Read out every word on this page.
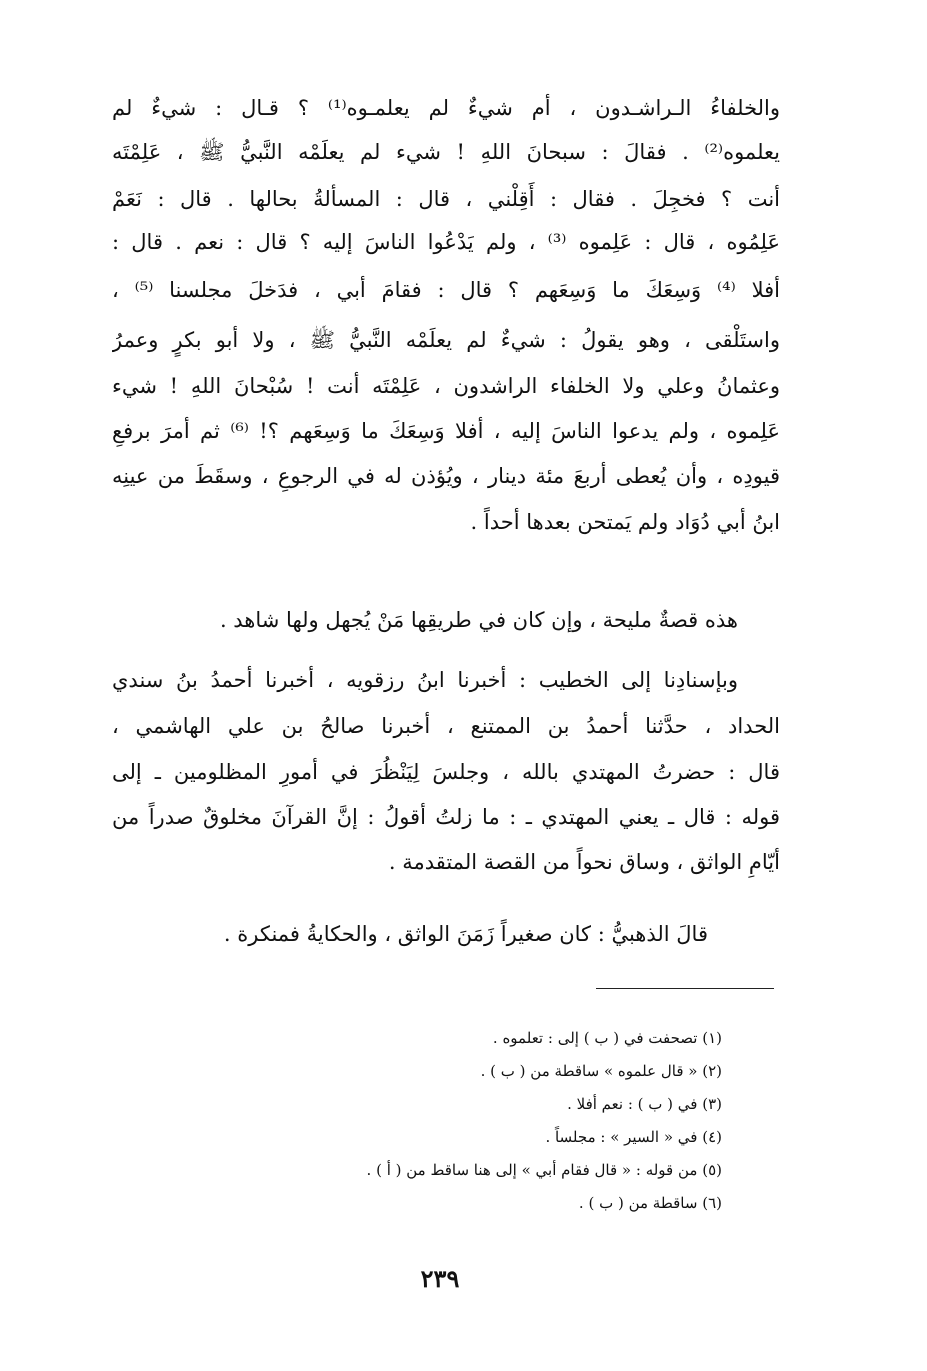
والخلفاءُ الـراشـدون ، أم شيءٌ لم يعلمـوه⁽¹⁾ ؟ قـال : شيءٌ لم
يعلموه⁽²⁾ . فقالَ : سبحانَ اللهِ ! شيء لم يعلَمْه النَّبيُّ ﷺ ، عَلِمْتَه
أنت ؟ فخجِلَ . فقال : أَقِلْني ، قال : المسألةُ بحالها . قال : نَعَمْ
عَلِمُوه ، قال : عَلِموه ⁽³⁾ ، ولم يَدْعُوا الناسَ إليه ؟ قال : نعم . قال :
أفلا ⁽⁴⁾ وَسِعَكَ ما وَسِعَهم ؟ قال : فقامَ أبي ، فدَخلَ مجلسنا ⁽⁵⁾ ،
واستَلْقى ، وهو يقولُ : شيءٌ لم يعلَمْه النَّبيُّ ﷺ ، ولا أبو بكرٍ وعمرُ
وعثمانُ وعلي ولا الخلفاء الراشدون ، عَلِمْتَه أنت ! سُبْحانَ اللهِ ! شيء
عَلِموه ، ولم يدعوا الناسَ إليه ، أفلا وَسِعَكَ ما وَسِعَهم ؟! ⁽⁶⁾ ثم أمرَ برفعِ
قيودِه ، وأن يُعطى أربعَ مئة دينار ، ويُؤذن له في الرجوعِ ، وسقَطَ من عينِه
ابنُ أبي دُوَاد ولم يَمتحن بعدها أحداً .
هذه قصةٌ مليحة ، وإن كان في طريقِها مَنْ يُجهل ولها شاهد .
وبإسنادِنا إلى الخطيب : أخبرنا ابنُ رزقويه ، أخبرنا أحمدُ بنُ سندي
الحداد ، حدَّثنا أحمدُ بن الممتنع ، أخبرنا صالحُ بن علي الهاشمي ،
قال : حضرتُ المهتدي بالله ، وجلسَ لِيَنْظُرَ في أمورِ المظلومين ـ إلى
قوله : قال ـ يعني المهتدي ـ : ما زلتُ أقولُ : إنَّ القرآنَ مخلوقٌ صدراً من
أيّامِ الواثق ، وساق نحواً من القصة المتقدمة .
قالَ الذهبيُّ : كان صغيراً زَمَنَ الواثق ، والحكايةُ فمنكرة .
(١) تصحفت في ( ب ) إلى : تعلموه .
(٢) « قال علموه » ساقطة من ( ب ) .
(٣) في ( ب ) : نعم أفلا .
(٤) في « السير » : مجلساً .
(٥) من قوله : « قال فقام أبي » إلى هنا ساقط من ( أ ) .
(٦) ساقطة من ( ب ) .
٢٣٩
